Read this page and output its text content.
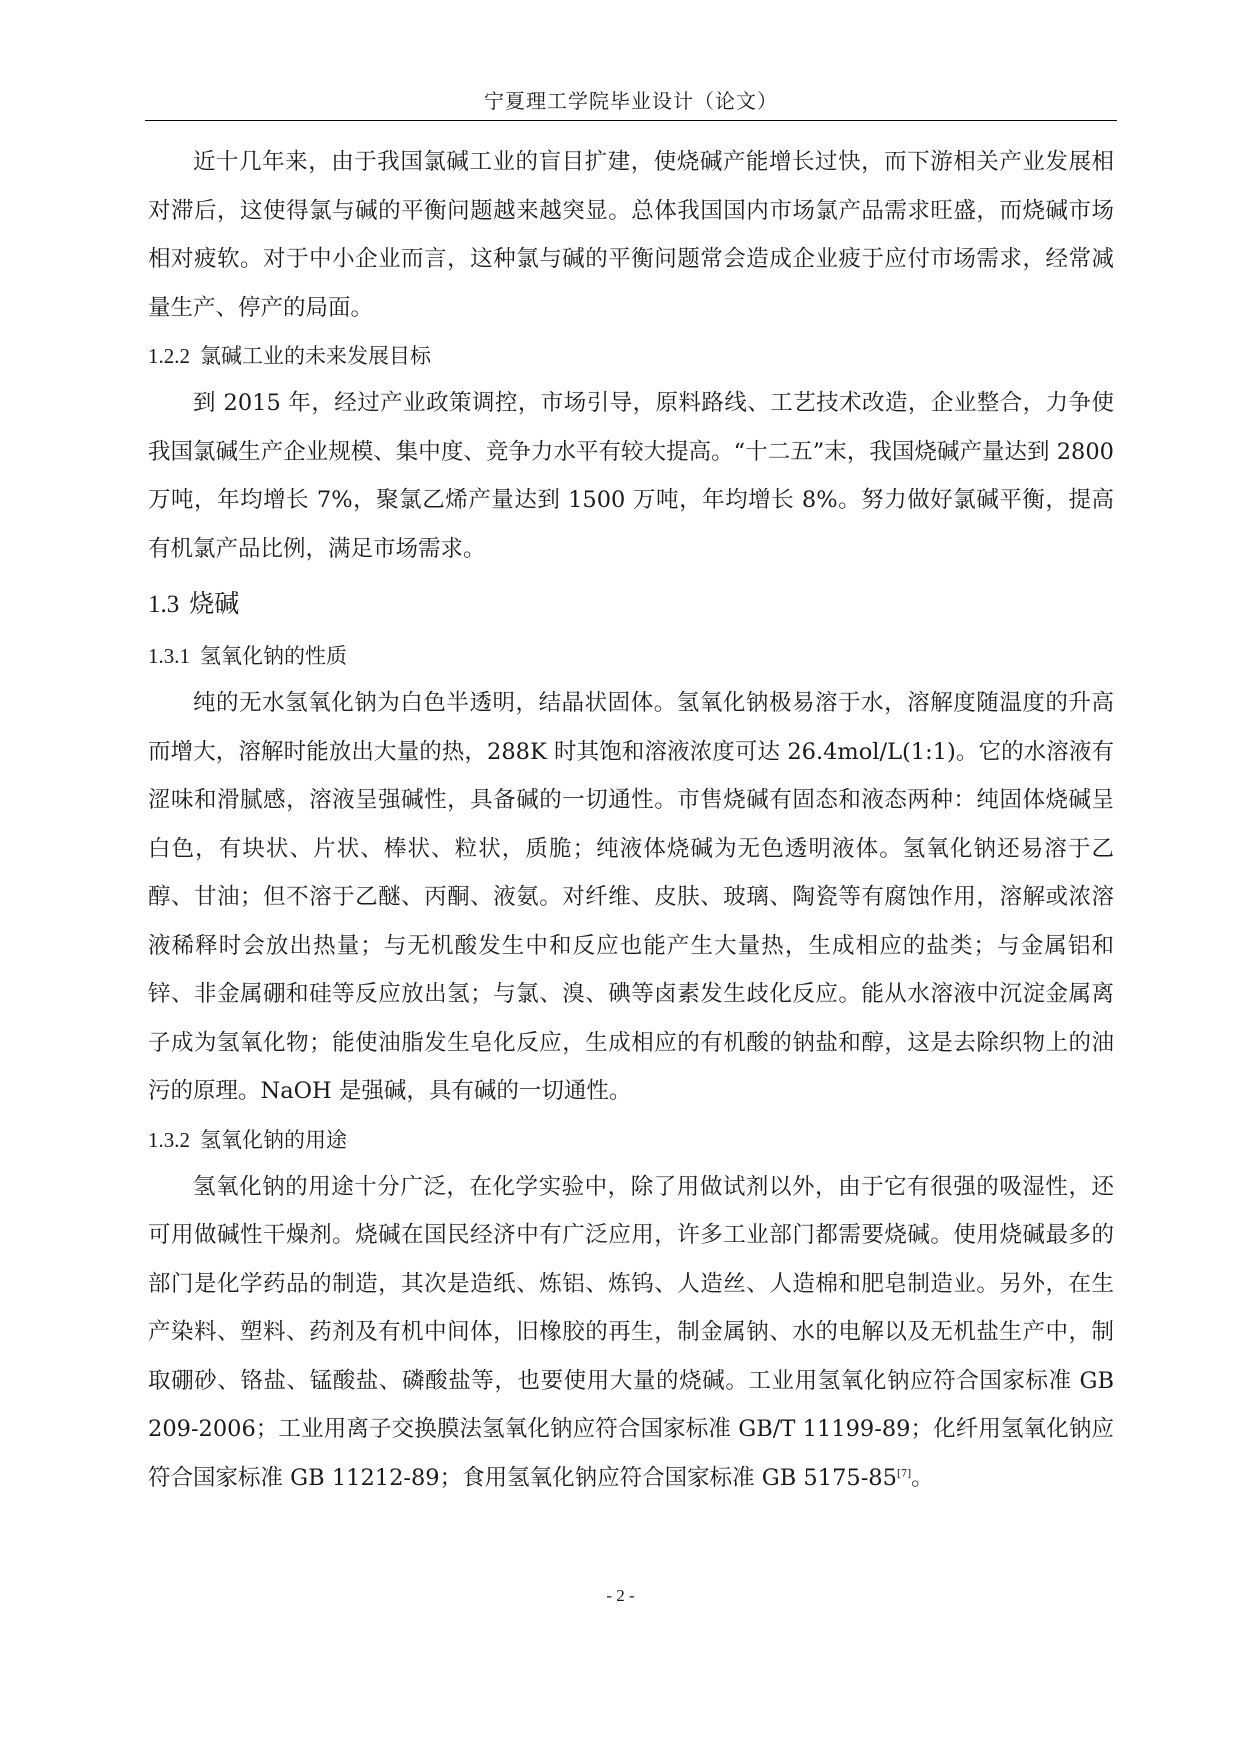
宁夏理工学院毕业设计（论文）

近十几年来，由于我国氯碱工业的盲目扩建，使烧碱产能增长过快，而下游相关产业发展相对滞后，这使得氯与碱的平衡问题越来越突显。总体我国国内市场氯产品需求旺盛，而烧碱市场相对疲软。对于中小企业而言，这种氯与碱的平衡问题常会造成企业疲于应付市场需求，经常减量生产、停产的局面。

1.2.2 氯碱工业的未来发展目标

到 2015 年，经过产业政策调控，市场引导，原料路线、工艺技术改造，企业整合，力争使我国氯碱生产企业规模、集中度、竞争力水平有较大提高。“十二五”末，我国烧碱产量达到 2800 万吨，年均增长 7%，聚氯乙烯产量达到 1500 万吨，年均增长 8%。努力做好氯碱平衡，提高有机氯产品比例，满足市场需求。

1.3 烧碱
1.3.1 氢氧化钠的性质

纯的无水氢氧化钠为白色半透明，结晶状固体。氢氧化钠极易溶于水，溶解度随温度的升高而增大，溶解时能放出大量的热，288K 时其饱和溶液浓度可达 26.4mol/L(1:1)。它的水溶液有涩味和滑腻感，溶液呈强碱性，具备碱的一切通性。市售烧碱有固态和液态两种：纯固体烧碱呈白色，有块状、片状、棒状、粒状，质脆；纯液体烧碱为无色透明液体。氢氧化钠还易溶于乙醇、甘油；但不溶于乙醚、丙酮、液氨。对纤维、皮肤、玻璃、陶瓷等有腐蚀作用，溶解或浓溶液稀释时会放出热量；与无机酸发生中和反应也能产生大量热，生成相应的盐类；与金属铝和锌、非金属硼和硅等反应放出氢；与氯、溴、碘等卤素发生歧化反应。能从水溶液中沉淀金属离子成为氢氧化物；能使油脂发生皂化反应，生成相应的有机酸的钠盐和醇，这是去除织物上的油污的原理。NaOH 是强碱，具有碱的一切通性。

1.3.2 氢氧化钠的用途

氢氧化钠的用途十分广泛，在化学实验中，除了用做试剂以外，由于它有很强的吸湿性，还可用做碱性干燥剂。烧碱在国民经济中有广泛应用，许多工业部门都需要烧碱。使用烧碱最多的部门是化学药品的制造，其次是造纸、炼铝、炼钨、人造丝、人造棉和肥皂制造业。另外，在生产染料、塑料、药剂及有机中间体，旧橡胶的再生，制金属钠、水的电解以及无机盐生产中，制取硼砂、铬盐、锰酸盐、磷酸盐等，也要使用大量的烧碱。工业用氢氧化钠应符合国家标准 GB 209-2006；工业用离子交换膜法氢氧化钠应符合国家标准 GB/T 11199-89；化纤用氢氧化钠应符合国家标准 GB 11212-89；食用氢氧化钠应符合国家标准 GB 5175-85[7]。

- 2 -
